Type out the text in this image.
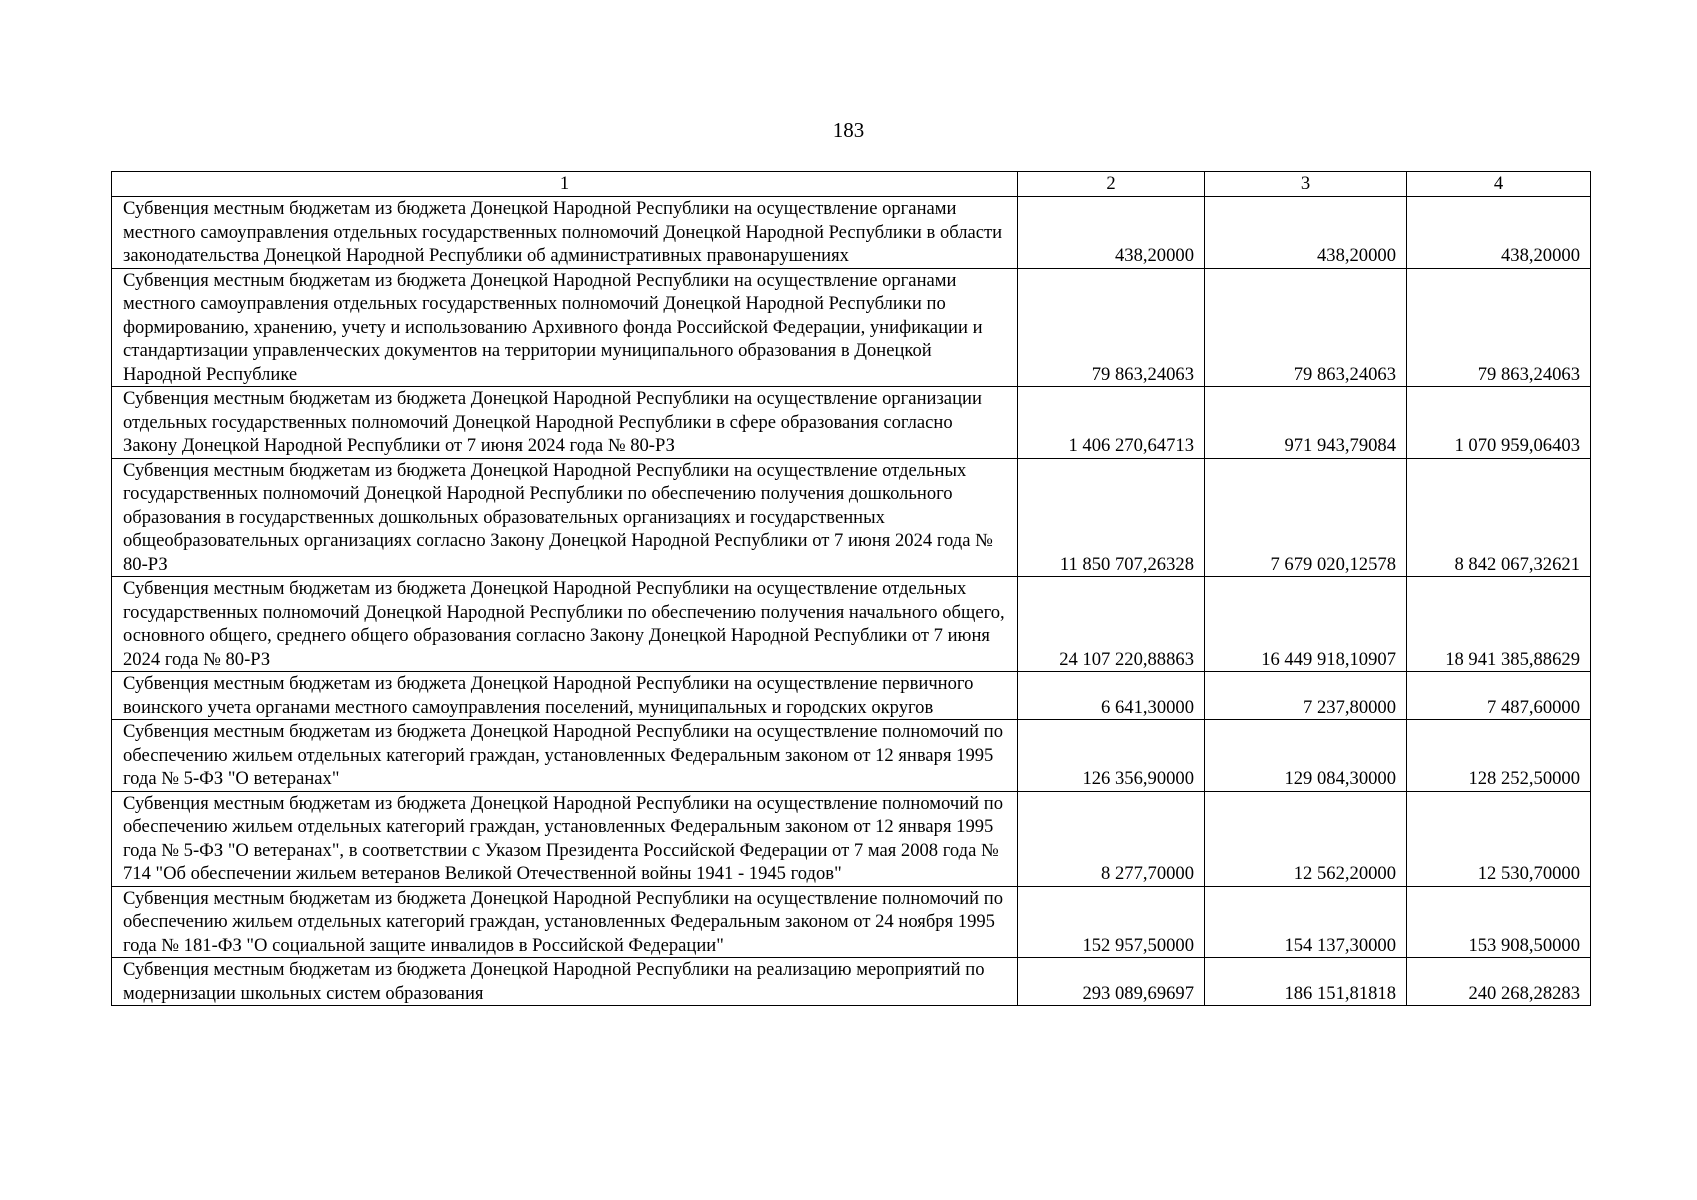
183
1	2	3	4
Субвенция местным бюджетам из бюджета Донецкой Народной Республики на осуществление органами местного самоуправления отдельных государственных полномочий Донецкой Народной Республики в области законодательства Донецкой Народной Республики об административных правонарушениях	438,20000	438,20000	438,20000
Субвенция местным бюджетам из бюджета Донецкой Народной Республики на осуществление органами местного самоуправления отдельных государственных полномочий Донецкой Народной Республики по формированию, хранению, учету и использованию Архивного фонда Российской Федерации, унификации и стандартизации управленческих документов на территории муниципального образования в Донецкой Народной Республике	79 863,24063	79 863,24063	79 863,24063
Субвенция местным бюджетам из бюджета Донецкой Народной Республики на осуществление организации отдельных государственных полномочий Донецкой Народной Республики в сфере образования согласно Закону Донецкой Народной Республики от 7 июня 2024 года № 80-РЗ	1 406 270,64713	971 943,79084	1 070 959,06403
Субвенция местным бюджетам из бюджета Донецкой Народной Республики на осуществление отдельных государственных полномочий Донецкой Народной Республики по обеспечению получения дошкольного образования в государственных дошкольных образовательных организациях и государственных общеобразовательных организациях согласно Закону Донецкой Народной Республики от 7 июня 2024 года № 80-РЗ	11 850 707,26328	7 679 020,12578	8 842 067,32621
Субвенция местным бюджетам из бюджета Донецкой Народной Республики на осуществление отдельных государственных полномочий Донецкой Народной Республики по обеспечению получения начального общего, основного общего, среднего общего образования согласно Закону Донецкой Народной Республики от 7 июня 2024 года № 80-РЗ	24 107 220,88863	16 449 918,10907	18 941 385,88629
Субвенция местным бюджетам из бюджета Донецкой Народной Республики на осуществление первичного воинского учета органами местного самоуправления поселений, муниципальных и городских округов	6 641,30000	7 237,80000	7 487,60000
Субвенция местным бюджетам из бюджета Донецкой Народной Республики на осуществление полномочий по обеспечению жильем отдельных категорий граждан, установленных Федеральным законом от 12 января 1995 года № 5-ФЗ "О ветеранах"	126 356,90000	129 084,30000	128 252,50000
Субвенция местным бюджетам из бюджета Донецкой Народной Республики на осуществление полномочий по обеспечению жильем отдельных категорий граждан, установленных Федеральным законом от 12 января 1995 года № 5-ФЗ "О ветеранах", в соответствии с Указом Президента Российской Федерации от 7 мая 2008 года № 714 "Об обеспечении жильем ветеранов Великой Отечественной войны 1941 - 1945 годов"	8 277,70000	12 562,20000	12 530,70000
Субвенция местным бюджетам из бюджета Донецкой Народной Республики на осуществление полномочий по обеспечению жильем отдельных категорий граждан, установленных Федеральным законом от 24 ноября 1995 года № 181-ФЗ "О социальной защите инвалидов в Российской Федерации"	152 957,50000	154 137,30000	153 908,50000
Субвенция местным бюджетам из бюджета Донецкой Народной Республики на реализацию мероприятий по модернизации школьных систем образования	293 089,69697	186 151,81818	240 268,28283
